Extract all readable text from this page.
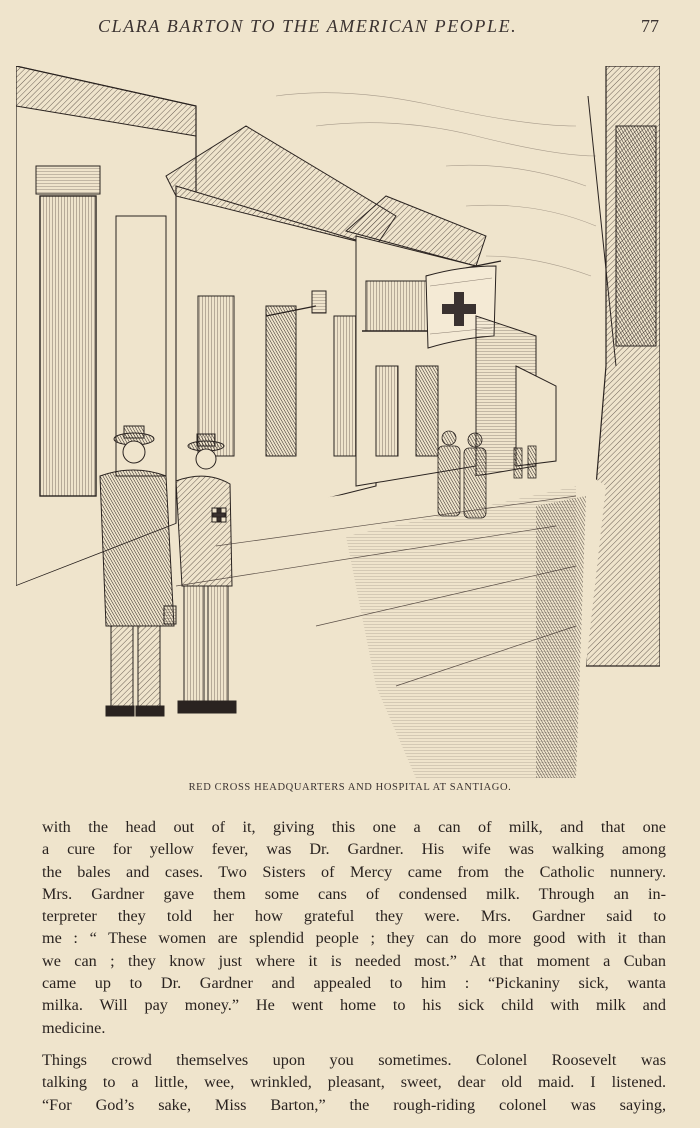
CLARA BARTON TO THE AMERICAN PEOPLE.	77
RED CROSS HEADQUARTERS AND HOSPITAL AT SANTIAGO.

with the head out of it, giving this one a can of milk, and that one
a cure for yellow fever, was Dr. Gardner. His wife was walking among
the bales and cases. Two Sisters of Mercy came from the Catholic nunnery.
Mrs. Gardner gave them some cans of condensed milk. Through an in-
terpreter they told her how grateful they were. Mrs. Gardner said to
me : “ These women are splendid people ; they can do more good with it than
we can ; they know just where it is needed most.” At that moment a Cuban
came up to Dr. Gardner and appealed to him : “Pickaniny sick, wanta
milka. Will pay money.” He went home to his sick child with milk and
medicine.

Things crowd themselves upon you sometimes. Colonel Roosevelt was
talking to a little, wee, wrinkled, pleasant, sweet, dear old maid. I listened.
“For God’s sake, Miss Barton,” the rough-riding colonel was saying,
